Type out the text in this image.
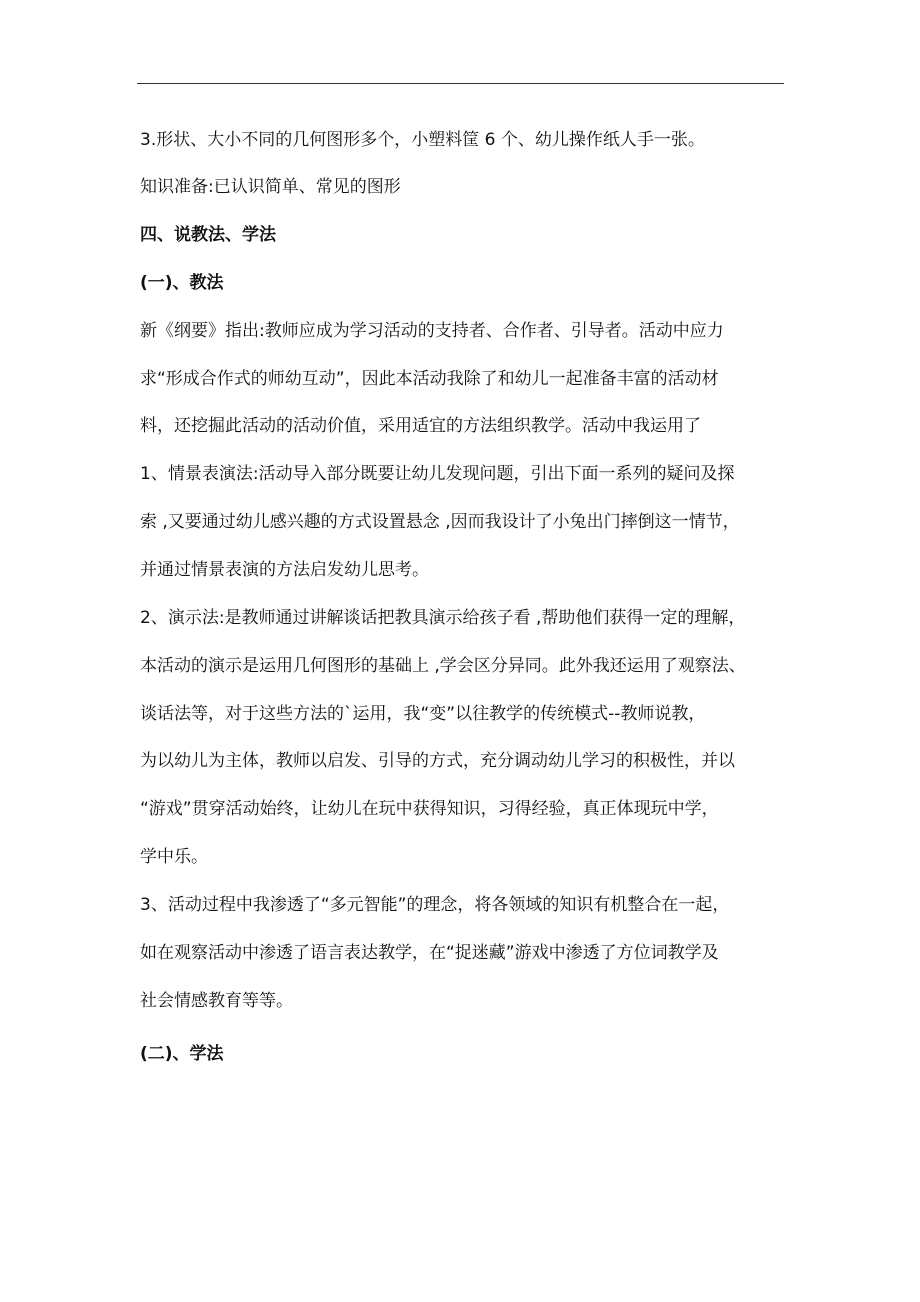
3.形状、大小不同的几何图形多个，小塑料筐 6 个、幼儿操作纸人手一张。
知识准备:已认识简单、常见的图形
四、说教法、学法
(一)、教法
新《纲要》指出:教师应成为学习活动的支持者、合作者、引导者。活动中应力
求“形成合作式的师幼互动”，因此本活动我除了和幼儿一起准备丰富的活动材
料，还挖掘此活动的活动价值，采用适宜的方法组织教学。活动中我运用了
1、情景表演法:活动导入部分既要让幼儿发现问题，引出下面一系列的疑问及探
索 ,又要通过幼儿感兴趣的方式设置悬念 ,因而我设计了小兔出门摔倒这一情节，
并通过情景表演的方法启发幼儿思考。
2、演示法:是教师通过讲解谈话把教具演示给孩子看 ,帮助他们获得一定的理解，
本活动的演示是运用几何图形的基础上 ,学会区分异同。此外我还运用了观察法、
谈话法等，对于这些方法的`运用，我“变”以往教学的传统模式--教师说教，
为以幼儿为主体，教师以启发、引导的方式，充分调动幼儿学习的积极性，并以
“游戏”贯穿活动始终，让幼儿在玩中获得知识，习得经验，真正体现玩中学，
学中乐。
3、活动过程中我渗透了“多元智能”的理念，将各领域的知识有机整合在一起，
如在观察活动中渗透了语言表达教学，在“捉迷藏”游戏中渗透了方位词教学及
社会情感教育等等。
(二)、学法
